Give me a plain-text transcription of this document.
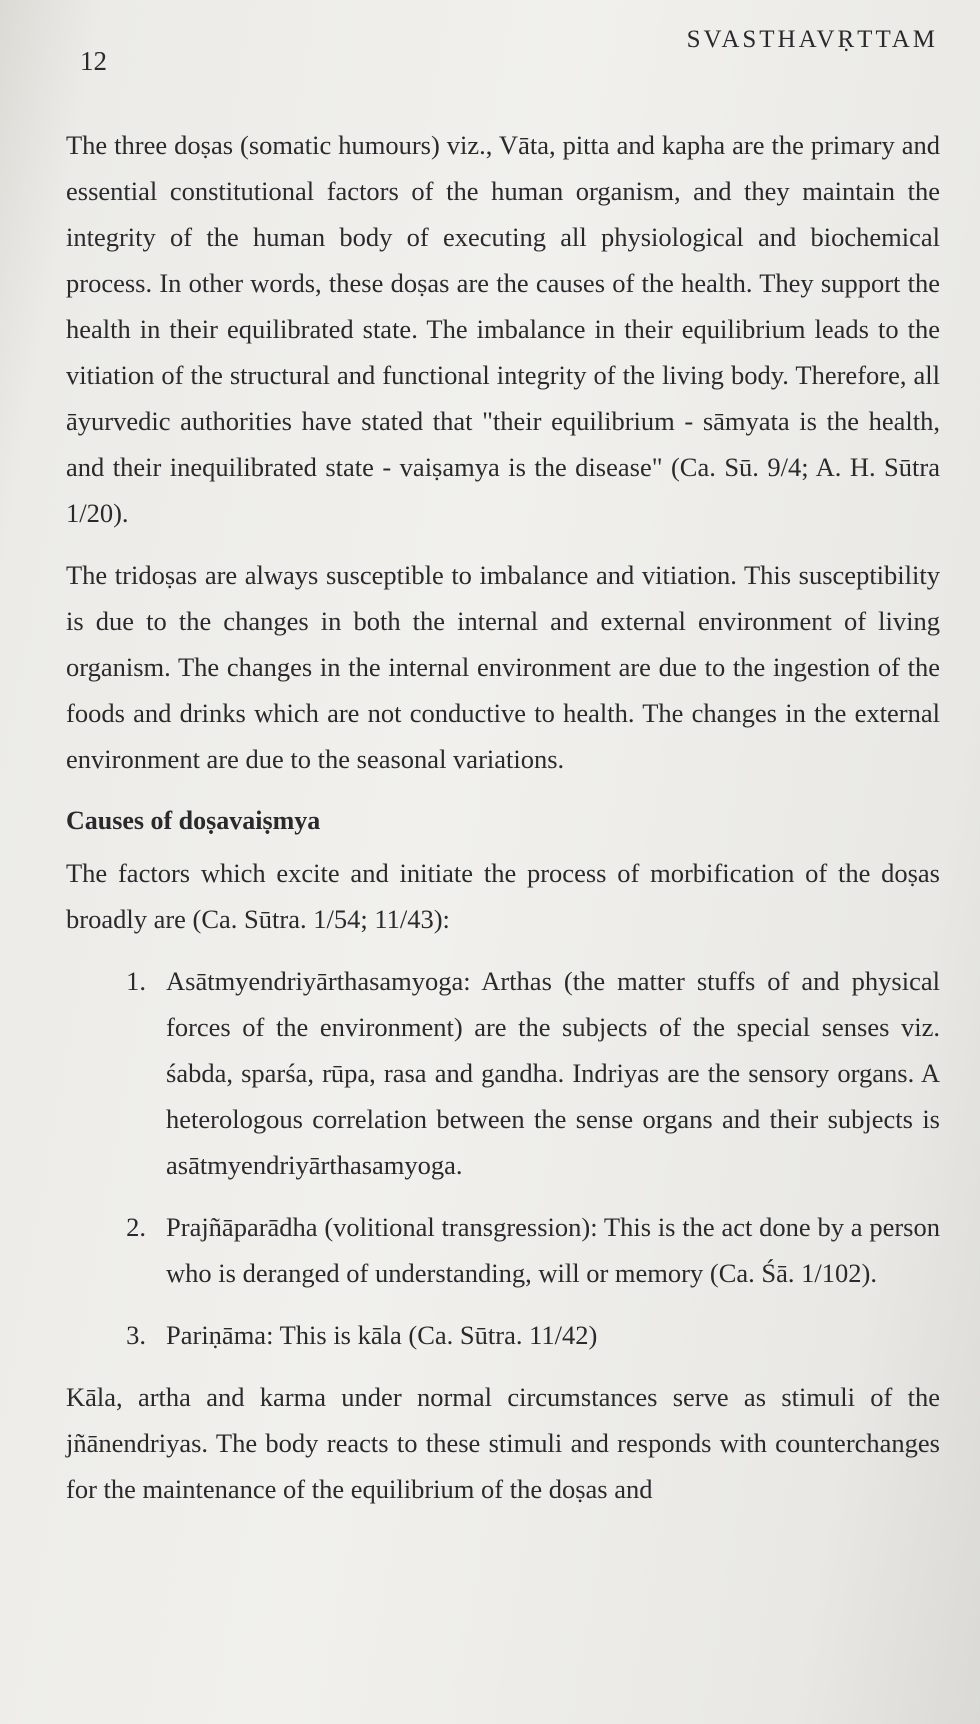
12
SVASTHAVṚTTAM

The three doṣas (somatic humours) viz., Vāta, pitta and kapha are the primary and essential constitutional factors of the human organism, and they maintain the integrity of the human body of executing all physiological and biochemical process. In other words, these doṣas are the causes of the health. They support the health in their equilibrated state. The imbalance in their equilibrium leads to the vitiation of the structural and functional integrity of the living body. Therefore, all āyurvedic authorities have stated that "their equilibrium - sāmyata is the health, and their inequilibrated state - vaiṣamya is the disease" (Ca. Sū. 9/4; A. H. Sūtra 1/20).

The tridoṣas are always susceptible to imbalance and vitiation. This susceptibility is due to the changes in both the internal and external environment of living organism. The changes in the internal environment are due to the ingestion of the foods and drinks which are not conductive to health. The changes in the external environment are due to the seasonal variations.

Causes of doṣavaiṣmya

The factors which excite and initiate the process of morbification of the doṣas broadly are (Ca. Sūtra. 1/54; 11/43):

1. Asātmyendriyārthasamyoga: Arthas (the matter stuffs of and physical forces of the environment) are the subjects of the special senses viz. śabda, sparśa, rūpa, rasa and gandha. Indriyas are the sensory organs. A heterologous correlation between the sense organs and their subjects is asātmyendriyārthasamyoga.
2. Prajñāparādha (volitional transgression): This is the act done by a person who is deranged of understanding, will or memory (Ca. Śā. 1/102).
3. Pariṇāma: This is kāla (Ca. Sūtra. 11/42)

Kāla, artha and karma under normal circumstances serve as stimuli of the jñānendriyas. The body reacts to these stimuli and responds with counterchanges for the maintenance of the equilibrium of the doṣas and
